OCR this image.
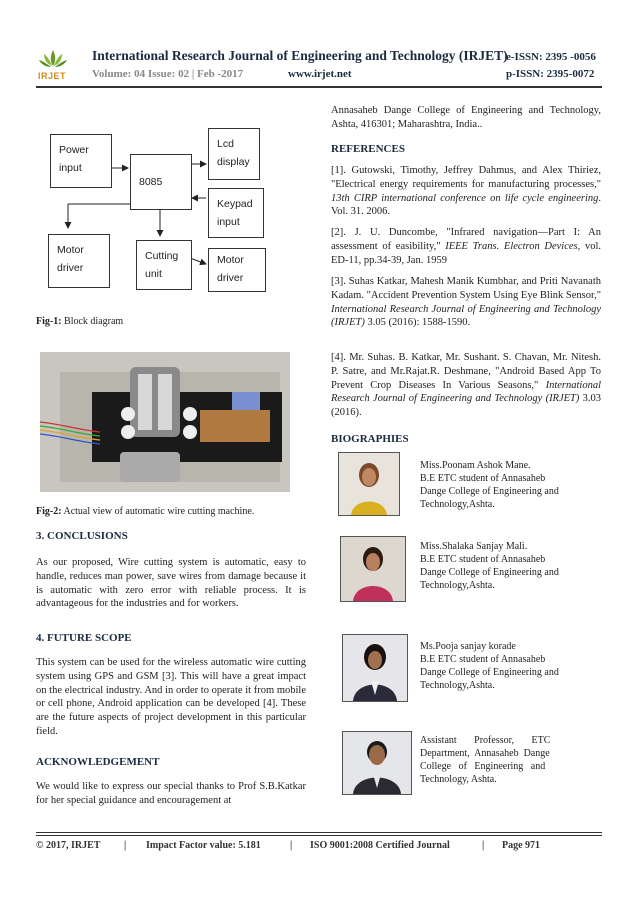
IRJET
International Research Journal of Engineering and Technology (IRJET)
e-ISSN: 2395 -0056
Volume: 04 Issue: 02 | Feb -2017	www.irjet.net	p-ISSN: 2395-0072
Power
input
8085
Lcd
display
Keypad
input
Motor
driver
Cutting
unit
Motor
driver
Fig-1: Block diagram
Fig-2: Actual view of automatic wire cutting machine.
3. CONCLUSIONS
As our proposed, Wire cutting system is automatic, easy to handle, reduces man power, save wires from damage because it is automatic with zero error with reliable process. It is advantageous for the industries and for workers.
4. FUTURE SCOPE
This system can be used for the wireless automatic wire cutting system using GPS and GSM [3]. This will have a great impact on the electrical industry. And in order to operate it from mobile or cell phone, Android application can be developed [4]. These are the future aspects of project development in this particular field.
ACKNOWLEDGEMENT
We would like to express our special thanks to Prof S.B.Katkar for her special guidance and encouragement at
Annasaheb Dange College of Engineering and Technology, Ashta, 416301; Maharashtra, India..
REFERENCES
[1]. Gutowski, Timothy, Jeffrey Dahmus, and Alex Thiriez, "Electrical energy requirements for manufacturing processes," 13th CIRP international conference on life cycle engineering. Vol. 31. 2006.
[2]. J. U. Duncombe, "Infrared navigation—Part I: An assessment of easibility," IEEE Trans. Electron Devices, vol. ED-11, pp.34-39, Jan. 1959
[3]. Suhas Katkar, Mahesh Manik Kumbhar, and Priti Navanath Kadam. "Accident Prevention System Using Eye Blink Sensor," International Research Journal of Engineering and Technology (IRJET) 3.05 (2016): 1588-1590.
[4]. Mr. Suhas. B. Katkar, Mr. Sushant. S. Chavan, Mr. Nitesh. P. Satre, and Mr.Rajat.R. Deshmane, "Android Based App To Prevent Crop Diseases In Various Seasons," International Research Journal of Engineering and Technology (IRJET) 3.03 (2016).
BIOGRAPHIES
Miss.Poonam Ashok Mane.
B.E ETC student of Annasaheb
Dange College of Engineering and
Technology,Ashta.
Miss.Shalaka Sanjay Mali.
B.E ETC student of Annasaheb
Dange College of Engineering and
Technology,Ashta.
Ms.Pooja sanjay korade
B.E ETC student of Annasaheb
Dange College of Engineering and
Technology,Ashta.
Assistant       Professor,       ETC
Department,  Annasaheb  Dange
College   of   Engineering   and
Technology, Ashta.
© 2017, IRJET | Impact Factor value: 5.181	| ISO 9001:2008 Certified Journal	| Page 971
